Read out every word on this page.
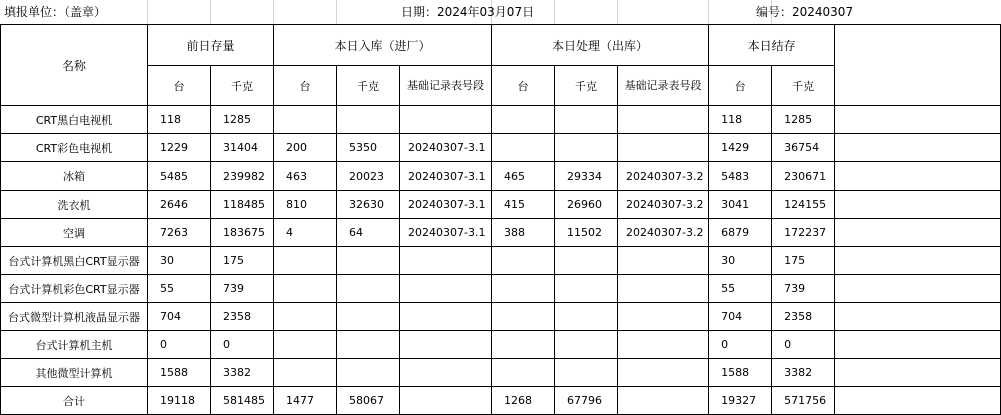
填报单位：（盖章）	日期：2024年03月07日	编号：20240307
名称	前日存量		本日入库（进厂）			本日处理（出库）			本日结存		
	台	千克	台	千克	基础记录表号段	台	千克	基础记录表号段	台	千克	
CRT黑白电视机	118	1285							118	1285	
CRT彩色电视机	1229	31404	200	5350	20240307-3.1				1429	36754	
冰箱	5485	239982	463	20023	20240307-3.1	465	29334	20240307-3.2	5483	230671	
洗衣机	2646	118485	810	32630	20240307-3.1	415	26960	20240307-3.2	3041	124155	
空调	7263	183675	4	64	20240307-3.1	388	11502	20240307-3.2	6879	172237	
台式计算机黑白CRT显示器	30	175							30	175	
台式计算机彩色CRT显示器	55	739							55	739	
台式微型计算机液晶显示器	704	2358							704	2358	
台式计算机主机	0	0							0	0	
其他微型计算机	1588	3382							1588	3382	
合计	19118	581485	1477	58067		1268	67796		19327	571756	
